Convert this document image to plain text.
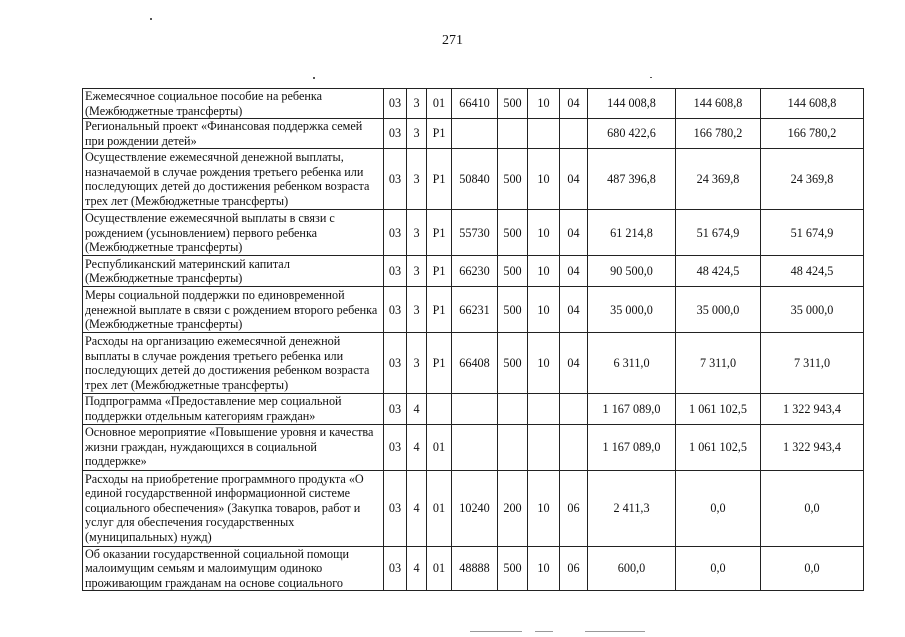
271
Ежемесячное социальное пособие на ребенка (Межбюджетные трансферты)	03	3	01	66410	500	10	04	144 008,8	144 608,8	144 608,8
Региональный проект «Финансовая поддержка семей при рождении детей»	03	3	P1					680 422,6	166 780,2	166 780,2
Осуществление ежемесячной денежной выплаты, назначаемой в случае рождения третьего ребенка или последующих детей до достижения ребенком возраста трех лет (Межбюджетные трансферты)	03	3	P1	50840	500	10	04	487 396,8	24 369,8	24 369,8
Осуществление ежемесячной выплаты в связи с рождением (усыновлением) первого ребенка (Межбюджетные трансферты)	03	3	P1	55730	500	10	04	61 214,8	51 674,9	51 674,9
Республиканский материнский капитал (Межбюджетные трансферты)	03	3	P1	66230	500	10	04	90 500,0	48 424,5	48 424,5
Меры социальной поддержки по единовременной денежной выплате в связи с рождением второго ребенка (Межбюджетные трансферты)	03	3	P1	66231	500	10	04	35 000,0	35 000,0	35 000,0
Расходы на организацию ежемесячной денежной выплаты в случае рождения третьего ребенка или последующих детей до достижения ребенком возраста трех лет (Межбюджетные трансферты)	03	3	P1	66408	500	10	04	6 311,0	7 311,0	7 311,0
Подпрограмма «Предоставление мер социальной поддержки отдельным категориям граждан»	03	4						1 167 089,0	1 061 102,5	1 322 943,4
Основное мероприятие «Повышение уровня и качества жизни граждан, нуждающихся в социальной поддержке»	03	4	01					1 167 089,0	1 061 102,5	1 322 943,4
Расходы на приобретение программного продукта «О единой государственной информационной системе социального обеспечения» (Закупка товаров, работ и услуг для обеспечения государственных (муниципальных) нужд)	03	4	01	10240	200	10	06	2 411,3	0,0	0,0
Об оказании государственной социальной помощи малоимущим семьям и малоимущим одиноко проживающим гражданам на основе социального	03	4	01	48888	500	10	06	600,0	0,0	0,0
